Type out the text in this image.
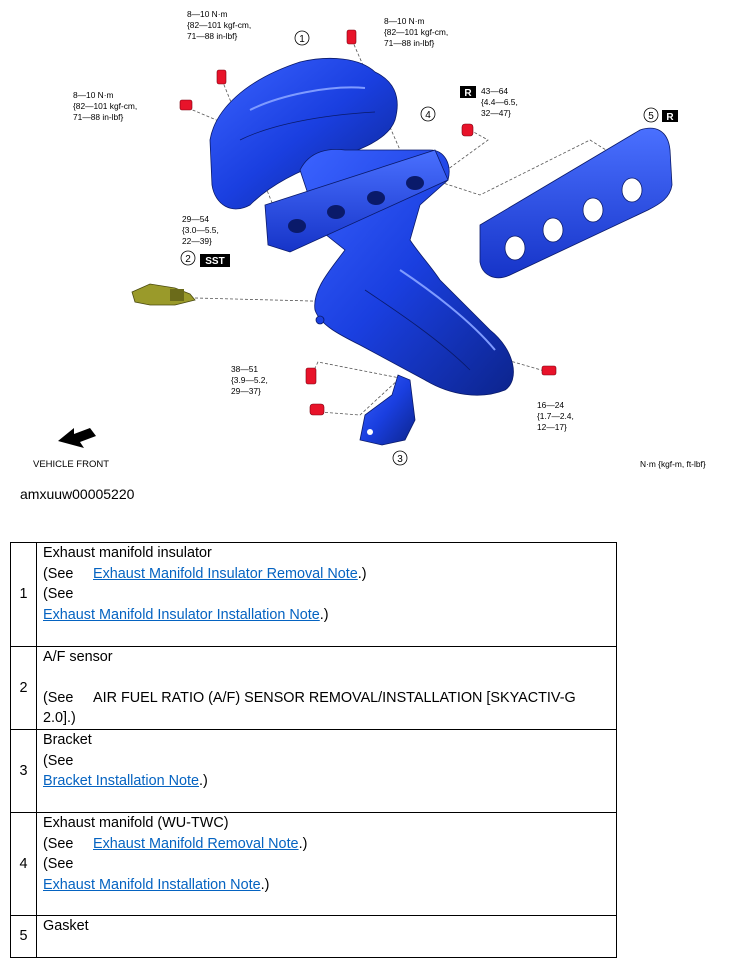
1
2
3
4	5
R
R
SST
8—10 N·m
{82—101 kgf-cm,
71—88 in-lbf}
8—10 N·m
{82—101 kgf-cm,
71—88 in-lbf}
8—10 N·m
{82—101 kgf-cm,
71—88 in-lbf}
43—64
{4.4—6.5,
32—47}
29—54
{3.0—5.5,
22—39}
38—51
{3.9—5.2,
29—37}
16—24
{1.7—2.4,
12—17}
VEHICLE FRONT	N·m {kgf-m, ft-lbf}
amxuuw00005220
1	Exhaust manifold insulator
(See Exhaust Manifold Insulator Removal Note.)
(See
Exhaust Manifold Insulator Installation Note.)

2	A/F sensor
(See AIR FUEL RATIO (A/F) SENSOR REMOVAL/INSTALLATION [SKYACTIV-G 2.0].)

3	Bracket
(See
Bracket Installation Note.)

4	Exhaust manifold (WU-TWC)
(See Exhaust Manifold Removal Note.)
(See
Exhaust Manifold Installation Note.)

5	Gasket
